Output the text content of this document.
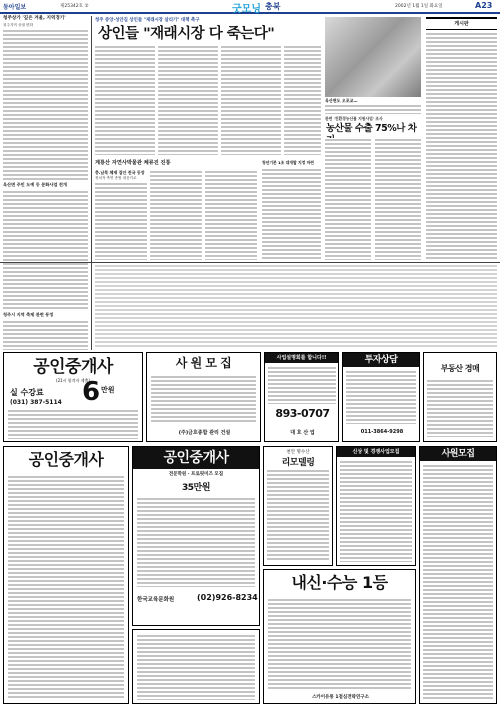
동아일보	제25342호 ②	굿모닝 충북	2002년 1월 1일 화요일	A23
청주상가 '깊은 겨울, 지역경기'
청주지역 상권 변화
옥산면 주민 도예 등 문화사업 전개
청주시 지역 축제 관련 동정
청주 중앙·성안길 상인들 "재래시장 살리기" 대책 촉구
상인들 "재래시장 다 죽는다"
옥산면도 오포교…
관련 '친환경농산물 지원사업' 조사
농산물 수출 75%나 차
계룡산 자연사박물관 체류진 진통
충.남북 체제 집안 전국 등장
정치적 측면 종합 대응키로
청년기본 1조 대개발 지정 마련
게시판
공인중개사
(21시 합격자 제출)
실 수강료 6 만원
(031) 387-5114
사 원 모 집
(주)금호종합 관리 건설
사업설명회를 합니다!!
893-0707
대 호 산 업
투자상담
011-3864-9298
부동산 경매
공인중개사	공인중개사
전문학원 · 프로핏미즈 모집
35만원
한국교육문화원	(02)926-8234
천안 명수산
리모델링
신상 및 경쟁사업모집	사원모집
내신·수능 1등
스카이유통 1점심전략연구소
